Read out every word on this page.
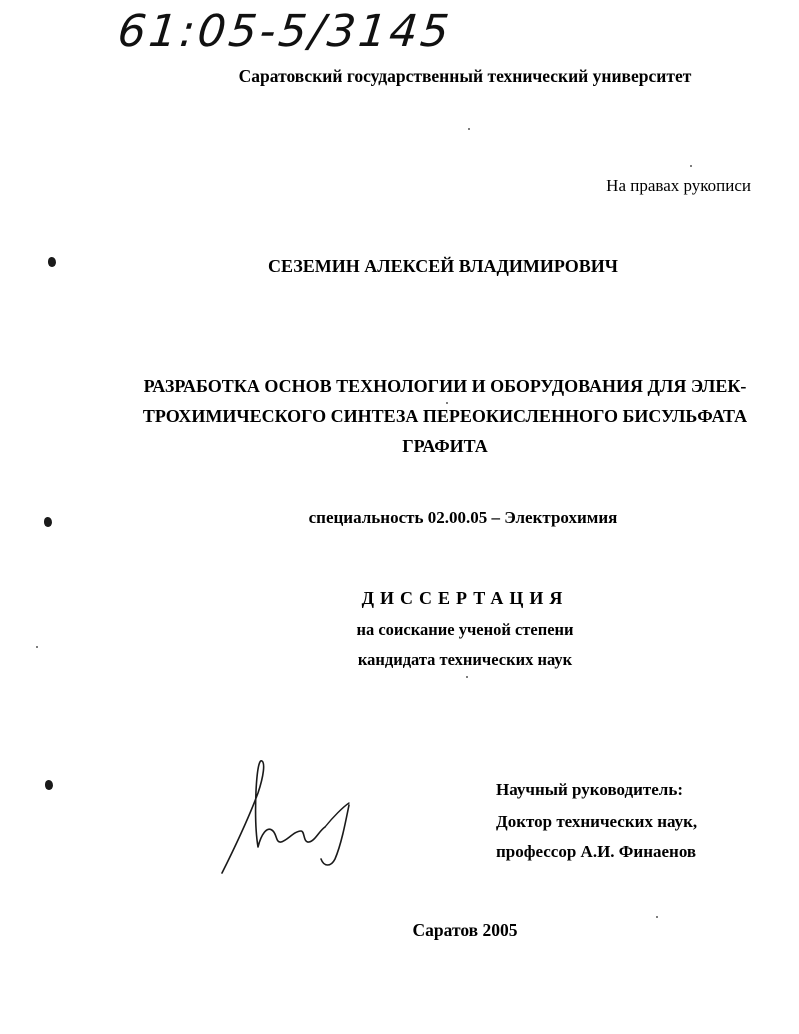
61:05-5/3145
Саратовский государственный технический университет
На правах рукописи
СЕЗЕМИН АЛЕКСЕЙ ВЛАДИМИРОВИЧ
РАЗРАБОТКА ОСНОВ ТЕХНОЛОГИИ И ОБОРУДОВАНИЯ ДЛЯ ЭЛЕК-
ТРОХИМИЧЕСКОГО СИНТЕЗА ПЕРЕОКИСЛЕННОГО БИСУЛЬФАТА
ГРАФИТА
специальность 02.00.05 – Электрохимия
ДИССЕРТАЦИЯ
на соискание ученой степени
кандидата технических наук
Научный руководитель:
Доктор технических наук,
профессор А.И. Финаенов
Саратов 2005
